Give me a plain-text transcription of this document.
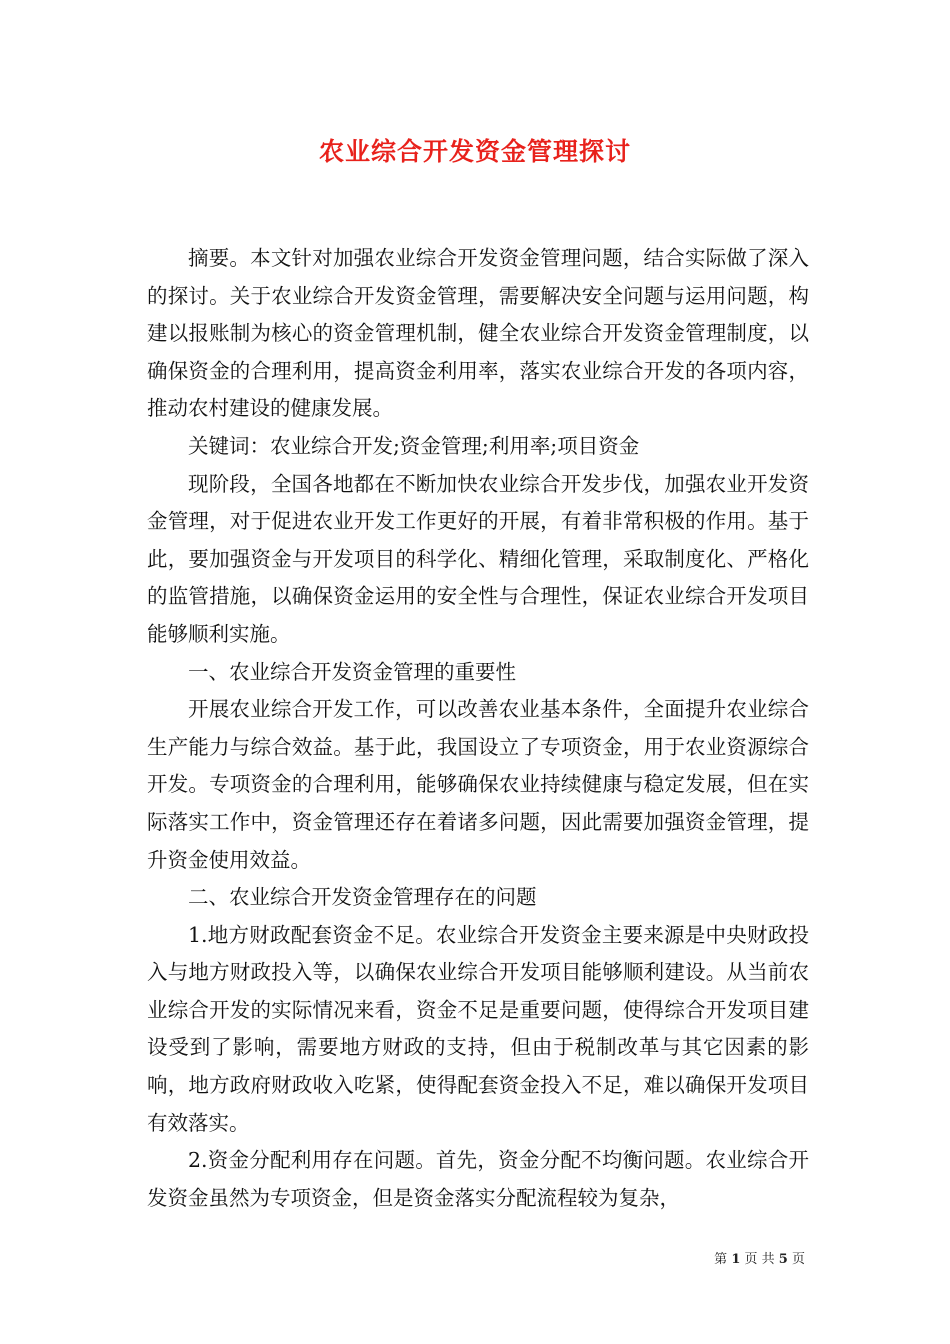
农业综合开发资金管理探讨

摘要。本文针对加强农业综合开发资金管理问题，结合实际做了深入的探讨。关于农业综合开发资金管理，需要解决安全问题与运用问题，构建以报账制为核心的资金管理机制，健全农业综合开发资金管理制度，以确保资金的合理利用，提高资金利用率，落实农业综合开发的各项内容，推动农村建设的健康发展。

关键词：农业综合开发;资金管理;利用率;项目资金

现阶段，全国各地都在不断加快农业综合开发步伐，加强农业开发资金管理，对于促进农业开发工作更好的开展，有着非常积极的作用。基于此，要加强资金与开发项目的科学化、精细化管理，采取制度化、严格化的监管措施，以确保资金运用的安全性与合理性，保证农业综合开发项目能够顺利实施。

一、农业综合开发资金管理的重要性

开展农业综合开发工作，可以改善农业基本条件，全面提升农业综合生产能力与综合效益。基于此，我国设立了专项资金，用于农业资源综合开发。专项资金的合理利用，能够确保农业持续健康与稳定发展，但在实际落实工作中，资金管理还存在着诸多问题，因此需要加强资金管理，提升资金使用效益。

二、农业综合开发资金管理存在的问题

1.地方财政配套资金不足。农业综合开发资金主要来源是中央财政投入与地方财政投入等，以确保农业综合开发项目能够顺利建设。从当前农业综合开发的实际情况来看，资金不足是重要问题，使得综合开发项目建设受到了影响，需要地方财政的支持，但由于税制改革与其它因素的影响，地方政府财政收入吃紧，使得配套资金投入不足，难以确保开发项目有效落实。

2.资金分配利用存在问题。首先，资金分配不均衡问题。农业综合开发资金虽然为专项资金，但是资金落实分配流程较为复杂，

第 1 页 共 5 页
